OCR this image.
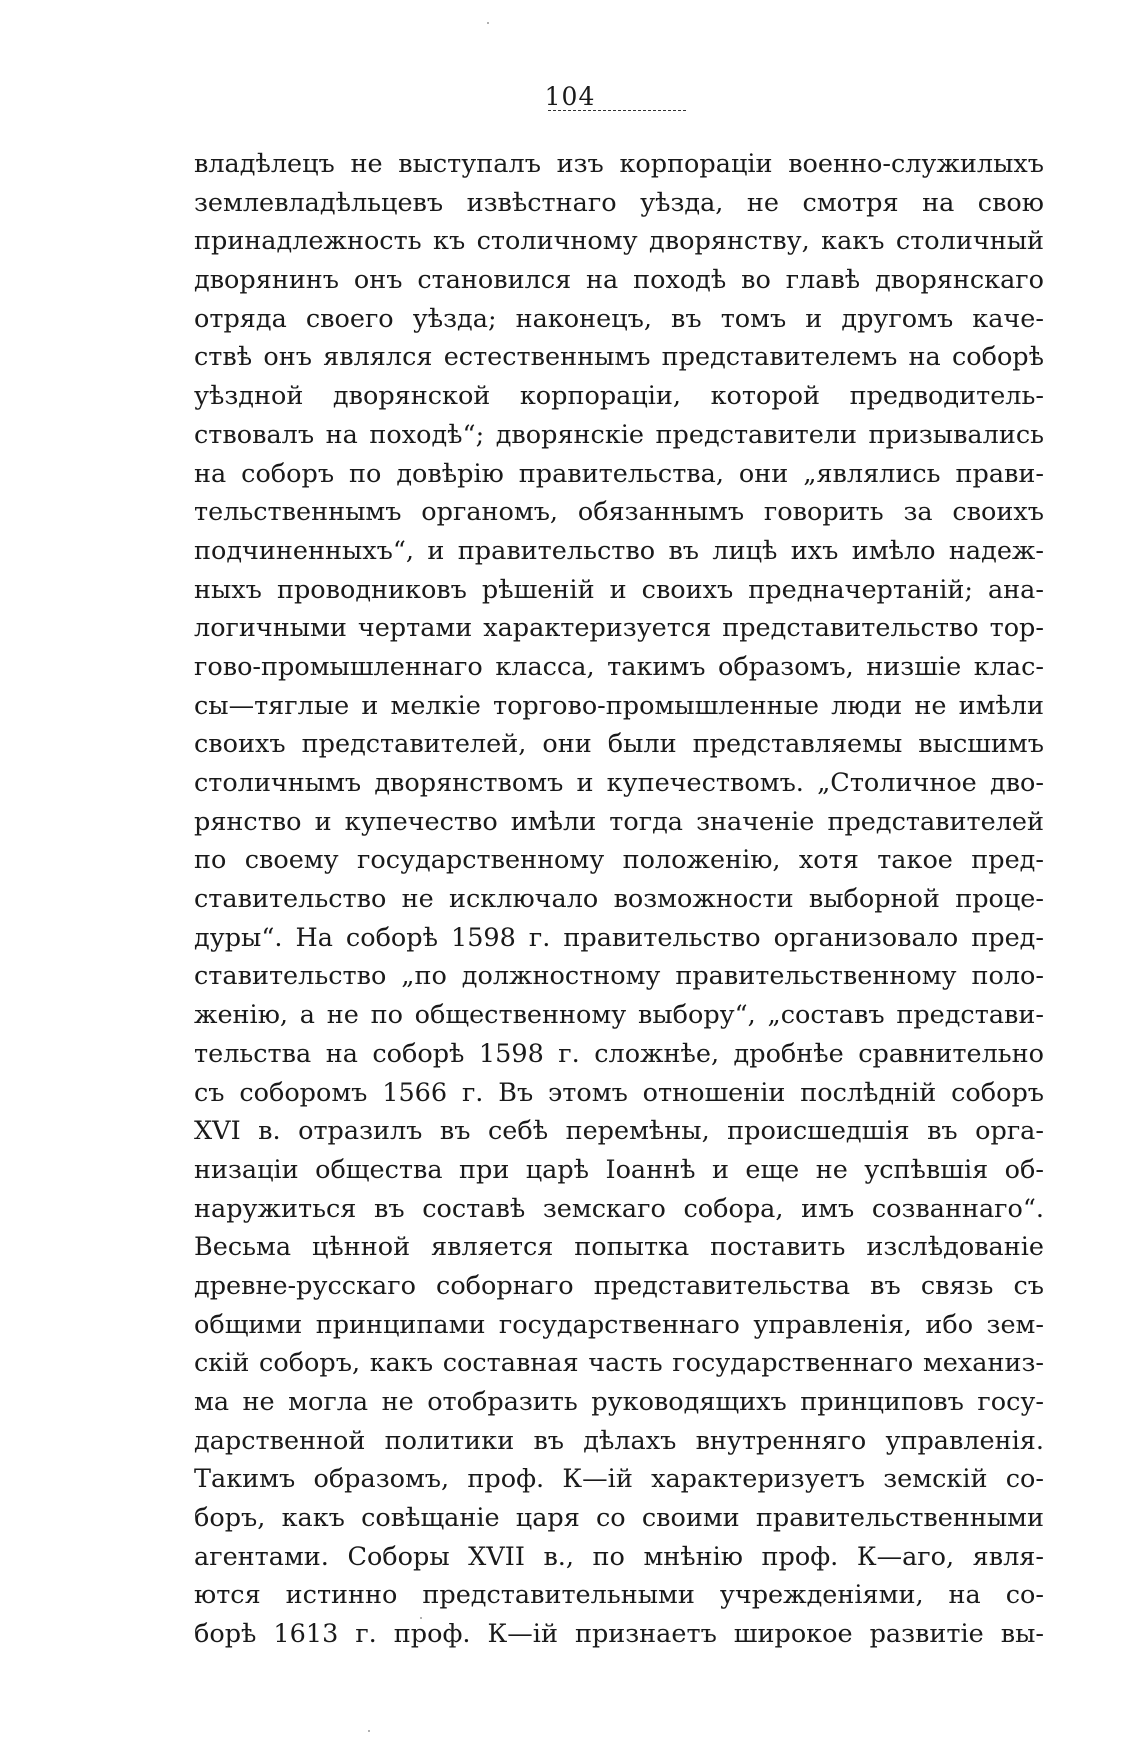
104
владѣлецъ не выступалъ изъ корпораціи военно-служилыхъ
землевладѣльцевъ извѣстнаго уѣзда, не смотря на свою
принадлежность къ столичному дворянству, какъ столичный
дворянинъ онъ становился на походѣ во главѣ дворянскаго
отряда своего уѣзда; наконецъ, въ томъ и другомъ каче-
ствѣ онъ являлся естественнымъ представителемъ на соборѣ
уѣздной дворянской корпораціи, которой предводитель-
ствовалъ на походѣ“; дворянскіе представители призывались
на соборъ по довѣрію правительства, они „являлись прави-
тельственнымъ органомъ, обязаннымъ говорить за своихъ
подчиненныхъ“, и правительство въ лицѣ ихъ имѣло надеж-
ныхъ проводниковъ рѣшеній и своихъ предначертаній; ана-
логичными чертами характеризуется представительство тор-
гово-промышленнаго класса, такимъ образомъ, низшіе клас-
сы—тяглые и мелкіе торгово-промышленные люди не имѣли
своихъ представителей, они были представляемы высшимъ
столичнымъ дворянствомъ и купечествомъ. „Столичное дво-
рянство и купечество имѣли тогда значеніе представителей
по своему государственному положенію, хотя такое пред-
ставительство не исключало возможности выборной проце-
дуры“. На соборѣ 1598 г. правительство организовало пред-
ставительство „по должностному правительственному поло-
женію, а не по общественному выбору“, „составъ представи-
тельства на соборѣ 1598 г. сложнѣе, дробнѣе сравнительно
съ соборомъ 1566 г. Въ этомъ отношеніи послѣдній соборъ
XVI в. отразилъ въ себѣ перемѣны, происшедшія въ орга-
низаціи общества при царѣ Іоаннѣ и еще не успѣвшія об-
наружиться въ составѣ земскаго собора, имъ созваннаго“.
Весьма цѣнной является попытка поставить изслѣдованіе
древне-русскаго соборнаго представительства въ связь съ
общими принципами государственнаго управленія, ибо зем-
скій соборъ, какъ составная часть государственнаго механиз-
ма не могла не отобразить руководящихъ принциповъ госу-
дарственной политики въ дѣлахъ внутренняго управленія.
Такимъ образомъ, проф. К—ій характеризуетъ земскій со-
боръ, какъ совѣщаніе царя со своими правительственными
агентами. Соборы XVII в., по мнѣнію проф. К—аго, явля-
ются истинно представительными учрежденіями, на со-
борѣ 1613 г. проф. К—ій признаетъ широкое развитіе вы-
